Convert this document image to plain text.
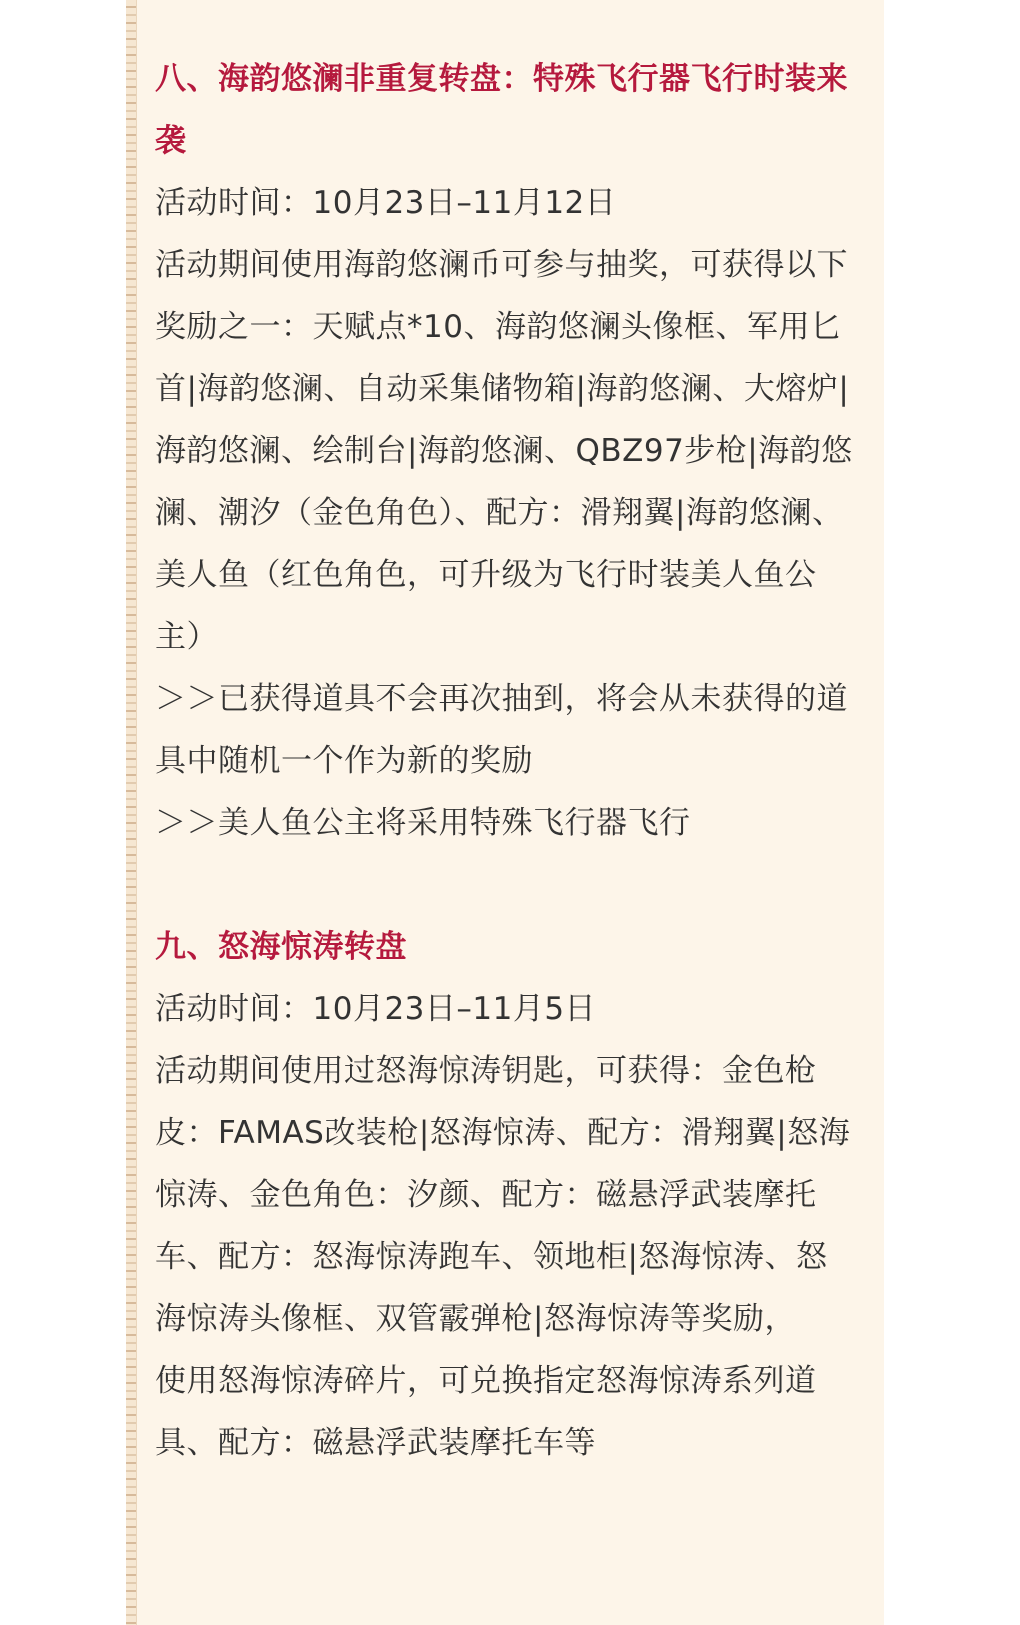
八、海韵悠澜非重复转盘：特殊飞行器飞行时装来袭

活动时间：10月23日–11月12日

活动期间使用海韵悠澜币可参与抽奖，可获得以下奖励之一：天赋点*10、海韵悠澜头像框、军用匕首|海韵悠澜、自动采集储物箱|海韵悠澜、大熔炉|海韵悠澜、绘制台|海韵悠澜、QBZ97步枪|海韵悠澜、潮汐（金色角色）、配方：滑翔翼|海韵悠澜、美人鱼（红色角色，可升级为飞行时装美人鱼公主）

＞＞已获得道具不会再次抽到，将会从未获得的道具中随机一个作为新的奖励

＞＞美人鱼公主将采用特殊飞行器飞行

九、怒海惊涛转盘

活动时间：10月23日–11月5日

活动期间使用过怒海惊涛钥匙，可获得：金色枪皮：FAMAS改装枪|怒海惊涛、配方：滑翔翼|怒海惊涛、金色角色：汐颜、配方：磁悬浮武装摩托车、配方：怒海惊涛跑车、领地柜|怒海惊涛、怒海惊涛头像框、双管霰弹枪|怒海惊涛等奖励，

使用怒海惊涛碎片，可兑换指定怒海惊涛系列道具、配方：磁悬浮武装摩托车等
